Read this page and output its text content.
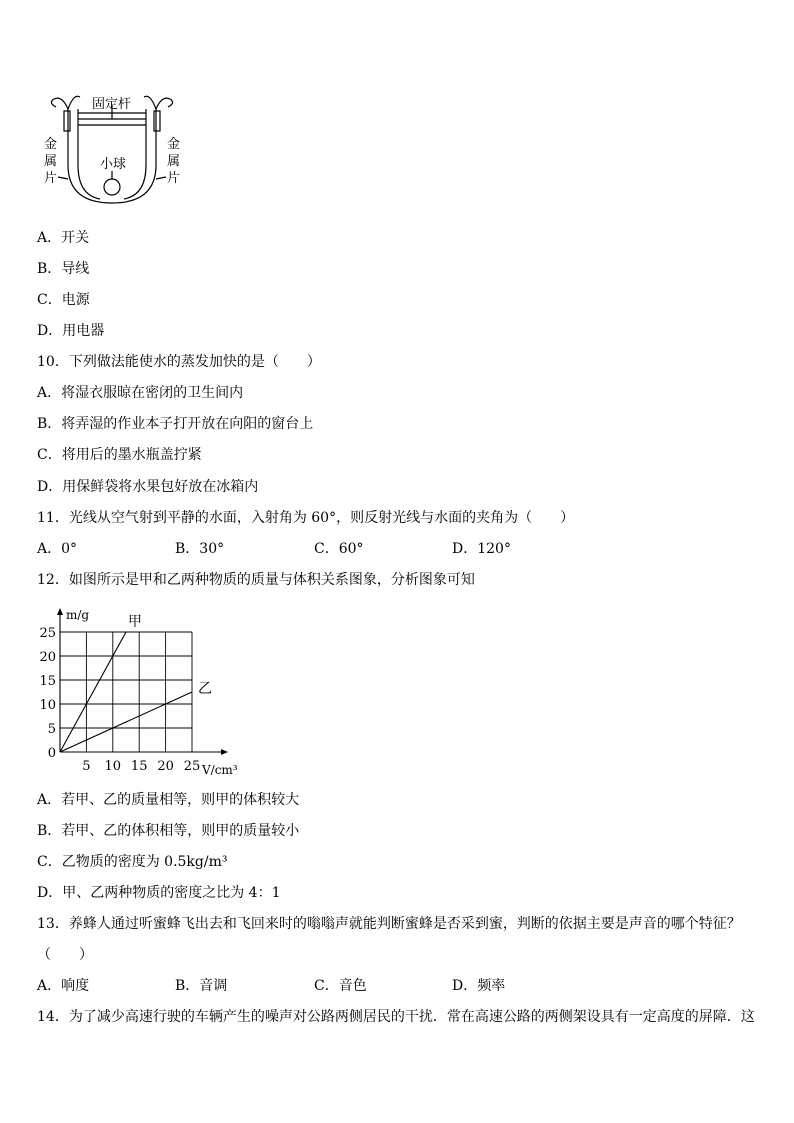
固定杆
小球
金
属
片
金
属
片
A．开关
B．导线
C．电源
D．用电器
10．下列做法能使水的蒸发加快的是（　　）
A．将湿衣服晾在密闭的卫生间内
B．将弄湿的作业本子打开放在向阳的窗台上
C．将用后的墨水瓶盖拧紧
D．用保鲜袋将水果包好放在冰箱内
11．光线从空气射到平静的水面，入射角为 60°，则反射光线与水面的夹角为（　　）
A．0°	B．30°	C．60°	D．120°
12．如图所示是甲和乙两种物质的质量与体积关系图象，分析图象可知
5 10 15 20 25
0
5
10
15
20
25
m/g
V/cm³
甲
乙
A．若甲、乙的质量相等，则甲的体积较大
B．若甲、乙的体积相等，则甲的质量较小
C．乙物质的密度为 0.5kg/m³
D．甲、乙两种物质的密度之比为 4：1
13．养蜂人通过听蜜蜂飞出去和飞回来时的嗡嗡声就能判断蜜蜂是否采到蜜，判断的依据主要是声音的哪个特征？
（　　）
A．响度	B．音调	C．音色	D．频率
14．为了减少高速行驶的车辆产生的噪声对公路两侧居民的干扰．常在高速公路的两侧架设具有一定高度的屏障．这
